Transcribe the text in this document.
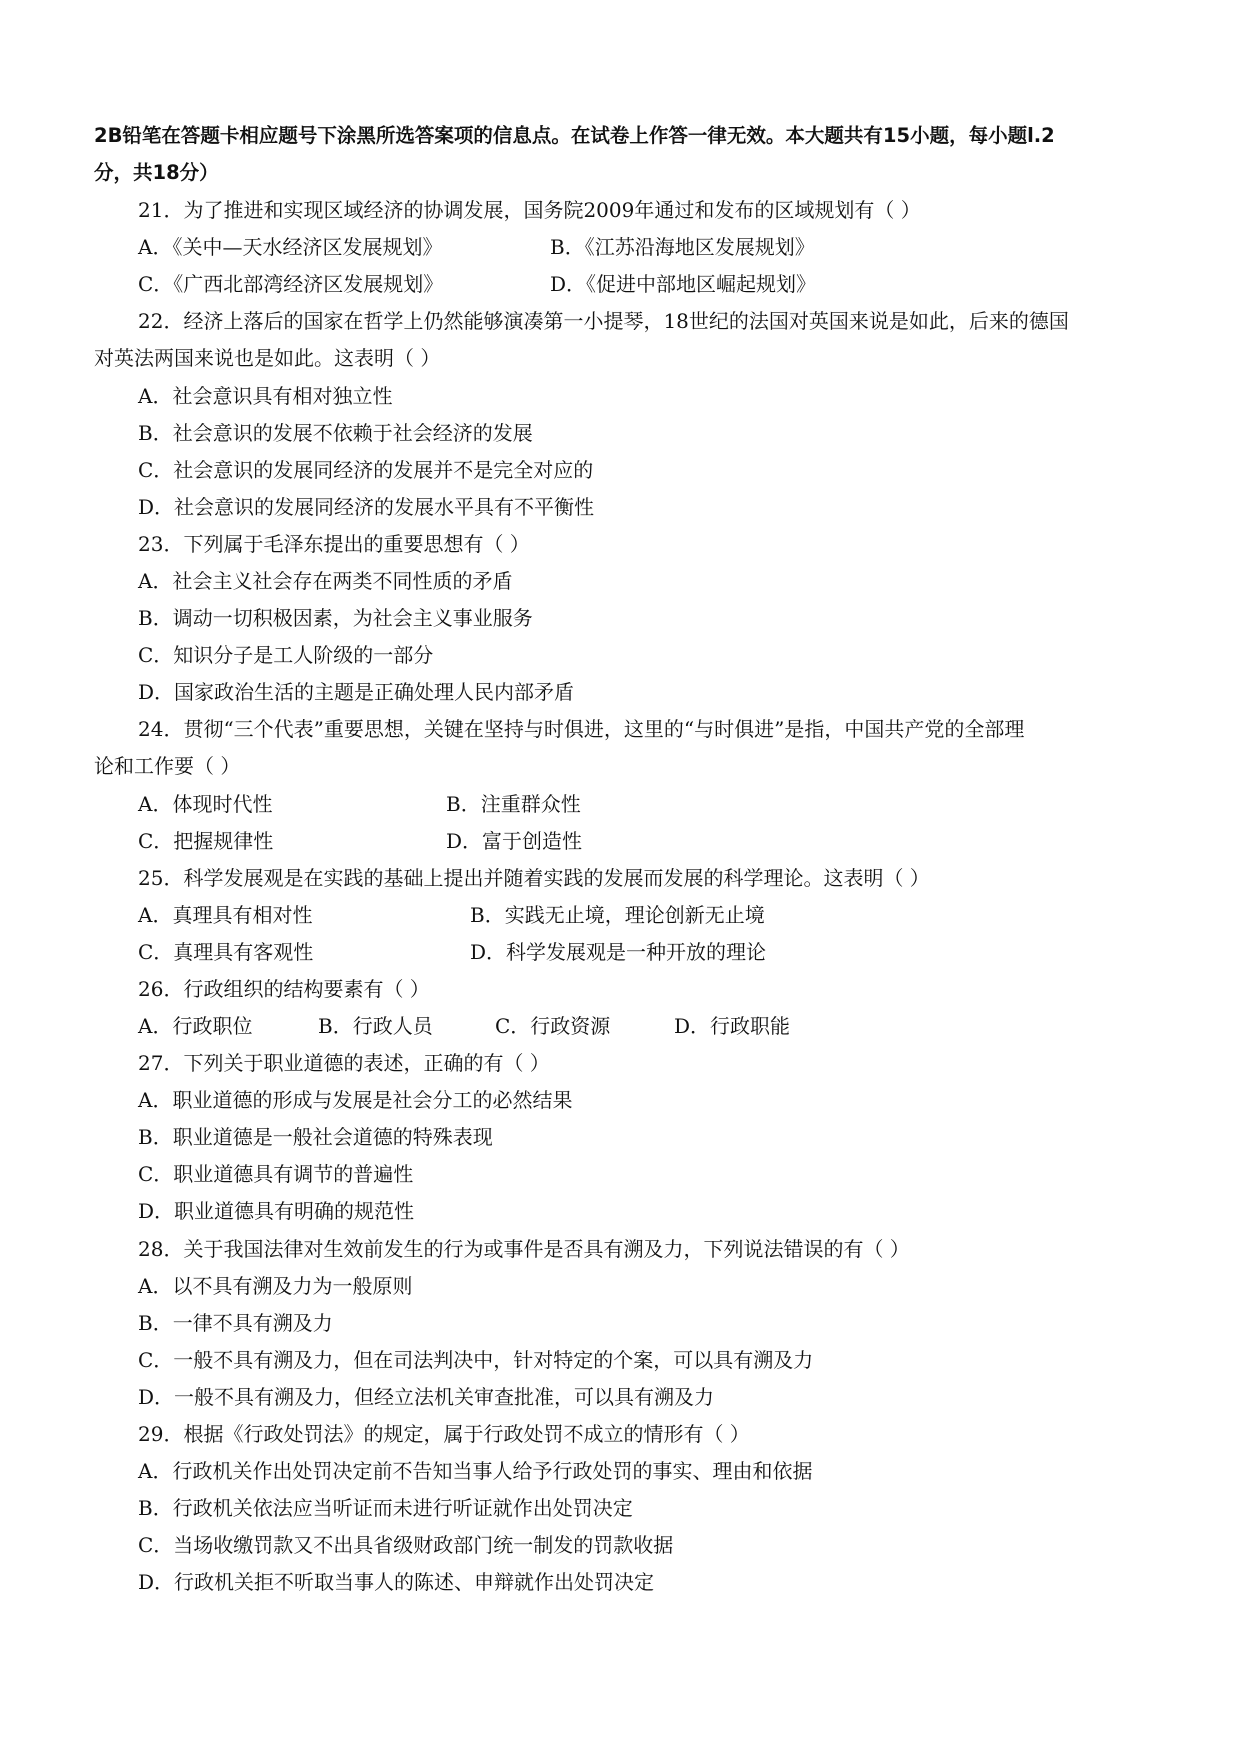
2B铅笔在答题卡相应题号下涂黑所选答案项的信息点。在试卷上作答一律无效。本大题共有15小题，每小题l.2
分，共18分）
21．为了推进和实现区域经济的协调发展，国务院2009年通过和发布的区域规划有（ ）
A．《关中—天水经济区发展规划》	B．《江苏沿海地区发展规划》
C．《广西北部湾经济区发展规划》	D．《促进中部地区崛起规划》
22．经济上落后的国家在哲学上仍然能够演凑第一小提琴，18世纪的法国对英国来说是如此，后来的德国
对英法两国来说也是如此。这表明（ ）
A．社会意识具有相对独立性
B．社会意识的发展不依赖于社会经济的发展
C．社会意识的发展同经济的发展并不是完全对应的
D．社会意识的发展同经济的发展水平具有不平衡性
23．下列属于毛泽东提出的重要思想有（ ）
A．社会主义社会存在两类不同性质的矛盾
B．调动一切积极因素，为社会主义事业服务
C．知识分子是工人阶级的一部分
D．国家政治生活的主题是正确处理人民内部矛盾
24．贯彻“三个代表”重要思想，关键在坚持与时俱进，这里的“与时俱进”是指，中国共产党的全部理
论和工作要（ ）
A．体现时代性	B．注重群众性
C．把握规律性	D．富于创造性
25．科学发展观是在实践的基础上提出并随着实践的发展而发展的科学理论。这表明（ ）
A．真理具有相对性	B．实践无止境，理论创新无止境
C．真理具有客观性	D．科学发展观是一种开放的理论
26．行政组织的结构要素有（ ）
A．行政职位	B．行政人员	C．行政资源	D．行政职能
27．下列关于职业道德的表述，正确的有（ ）
A．职业道德的形成与发展是社会分工的必然结果
B．职业道德是一般社会道德的特殊表现
C．职业道德具有调节的普遍性
D．职业道德具有明确的规范性
28．关于我国法律对生效前发生的行为或事件是否具有溯及力，下列说法错误的有（ ）
A．以不具有溯及力为一般原则
B．一律不具有溯及力
C．一般不具有溯及力，但在司法判决中，针对特定的个案，可以具有溯及力
D．一般不具有溯及力，但经立法机关审查批准，可以具有溯及力
29．根据《行政处罚法》的规定，属于行政处罚不成立的情形有（ ）
A．行政机关作出处罚决定前不告知当事人给予行政处罚的事实、理由和依据
B．行政机关依法应当听证而未进行听证就作出处罚决定
C．当场收缴罚款又不出具省级财政部门统一制发的罚款收据
D．行政机关拒不听取当事人的陈述、申辩就作出处罚决定
